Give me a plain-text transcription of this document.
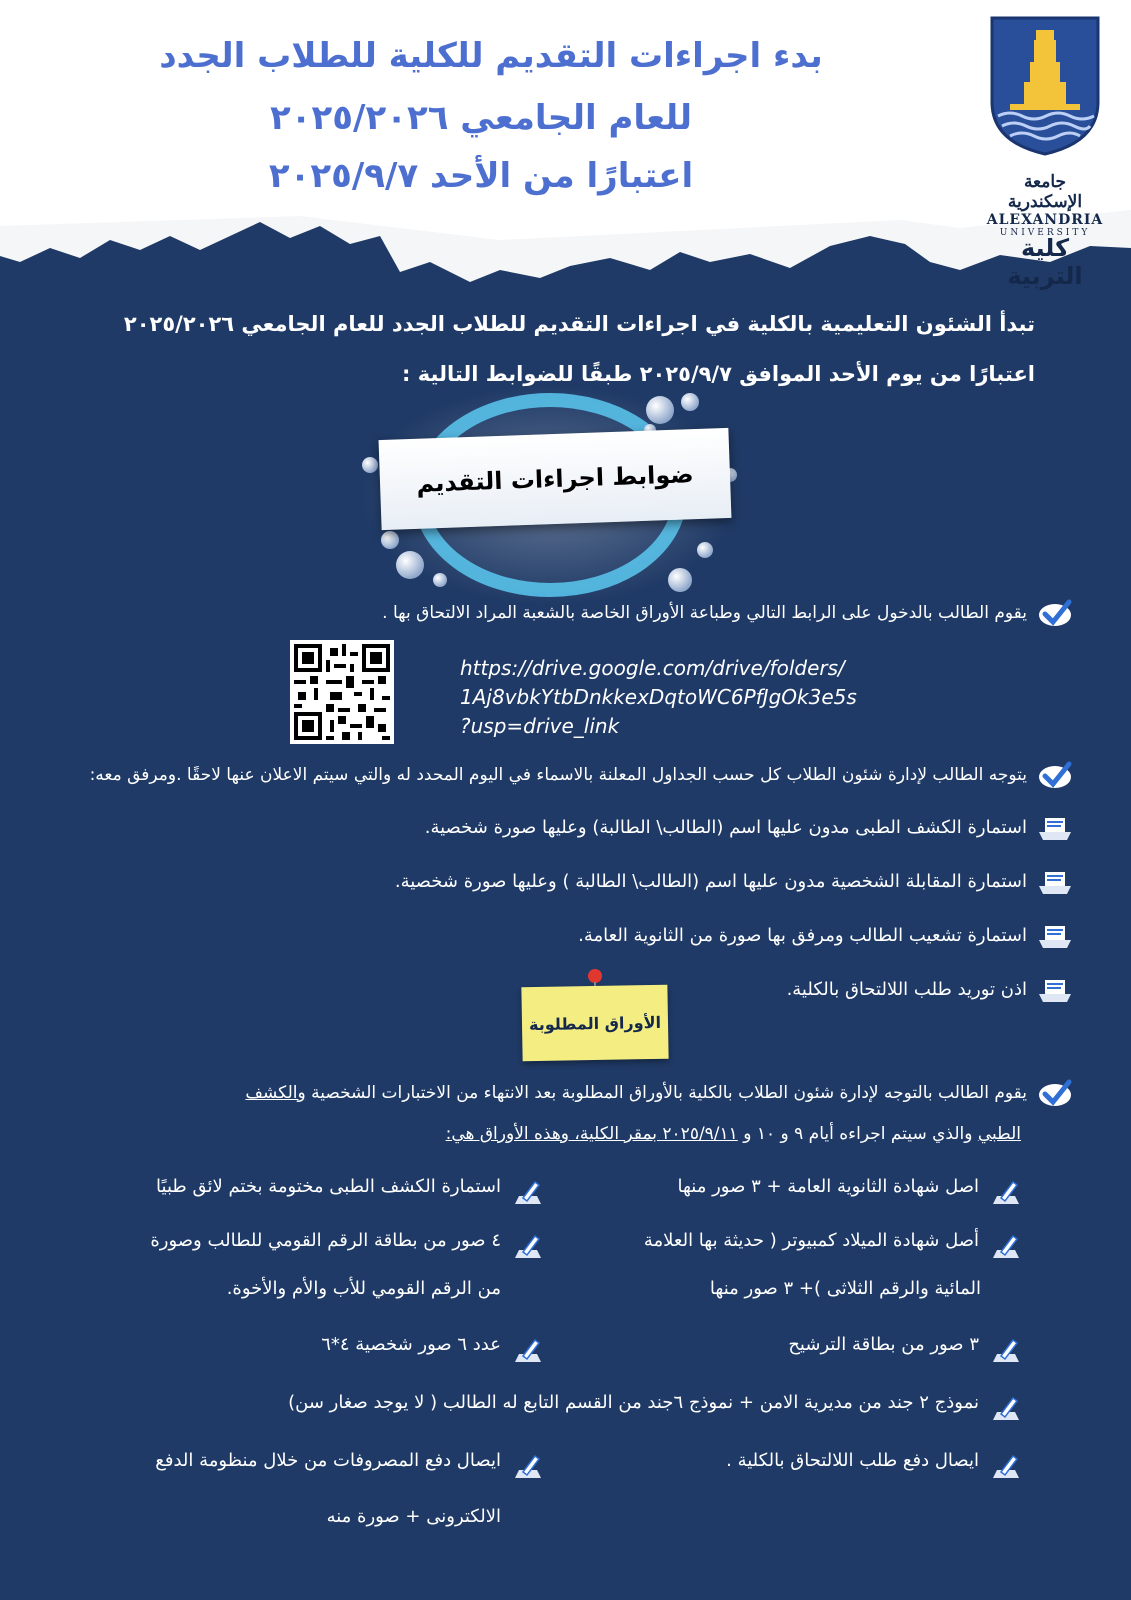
بدء اجراءات التقديم للكلية للطلاب الجدد
للعام الجامعي ٢٠٢٥/٢٠٢٦
اعتبارًا من الأحد ٢٠٢٥/٩/٧	جامعة الإسكندرية
ALEXANDRIA
UNIVERSITY
كلية التربية
تبدأ الشئون التعليمية بالكلية في اجراءات التقديم للطلاب الجدد للعام الجامعي ٢٠٢٥/٢٠٢٦
اعتبارًا من يوم الأحد الموافق ٢٠٢٥/٩/٧ طبقًا للضوابط التالية :
ضوابط اجراءات التقديم
يقوم الطالب بالدخول على الرابط التالي وطباعة الأوراق الخاصة بالشعبة المراد الالتحاق بها .
https://drive.google.com/drive/folders/
1Aj8vbkYtbDnkkexDqtoWC6PfJgOk3e5s
?usp=drive_link
يتوجه الطالب لإدارة شئون الطلاب كل حسب الجداول المعلنة بالاسماء في اليوم المحدد له والتي سيتم الاعلان عنها لاحقًا .ومرفق معه:
استمارة الكشف الطبى مدون عليها اسم (الطالب\ الطالبة) وعليها صورة شخصية.
استمارة المقابلة الشخصية مدون عليها اسم (الطالب\ الطالبة ) وعليها صورة شخصية.
استمارة تشعيب الطالب ومرفق بها صورة من الثانوية العامة.
اذن توريد طلب اللالتحاق بالكلية.
الأوراق المطلوبة
يقوم الطالب بالتوجه لإدارة شئون الطلاب بالكلية بالأوراق المطلوبة بعد الانتهاء من الاختبارات الشخصية والكشف
الطبي والذي سيتم اجراءه أيام ٩ و ١٠ و ٢٠٢٥/٩/١١ بمقر الكلية، وهذه الأوراق هي:
اصل شهادة الثانوية العامة + ٣ صور منها
أصل شهادة الميلاد كمبيوتر ( حديثة بها العلامة
المائية والرقم الثلاثى )+ ٣ صور منها
٣ صور من بطاقة الترشيح
نموذج ٢ جند من مديرية الامن + نموذج ٦جند من القسم التابع له الطالب ( لا يوجد صغار سن)
ايصال دفع طلب اللالتحاق بالكلية .
استمارة الكشف الطبى مختومة بختم لائق طبيًا
٤ صور من بطاقة الرقم القومي للطالب وصورة
من الرقم القومي للأب والأم والأخوة.
عدد ٦ صور شخصية ٤*٦
ايصال دفع المصروفات من خلال منظومة الدفع
الالكترونى + صورة منه
